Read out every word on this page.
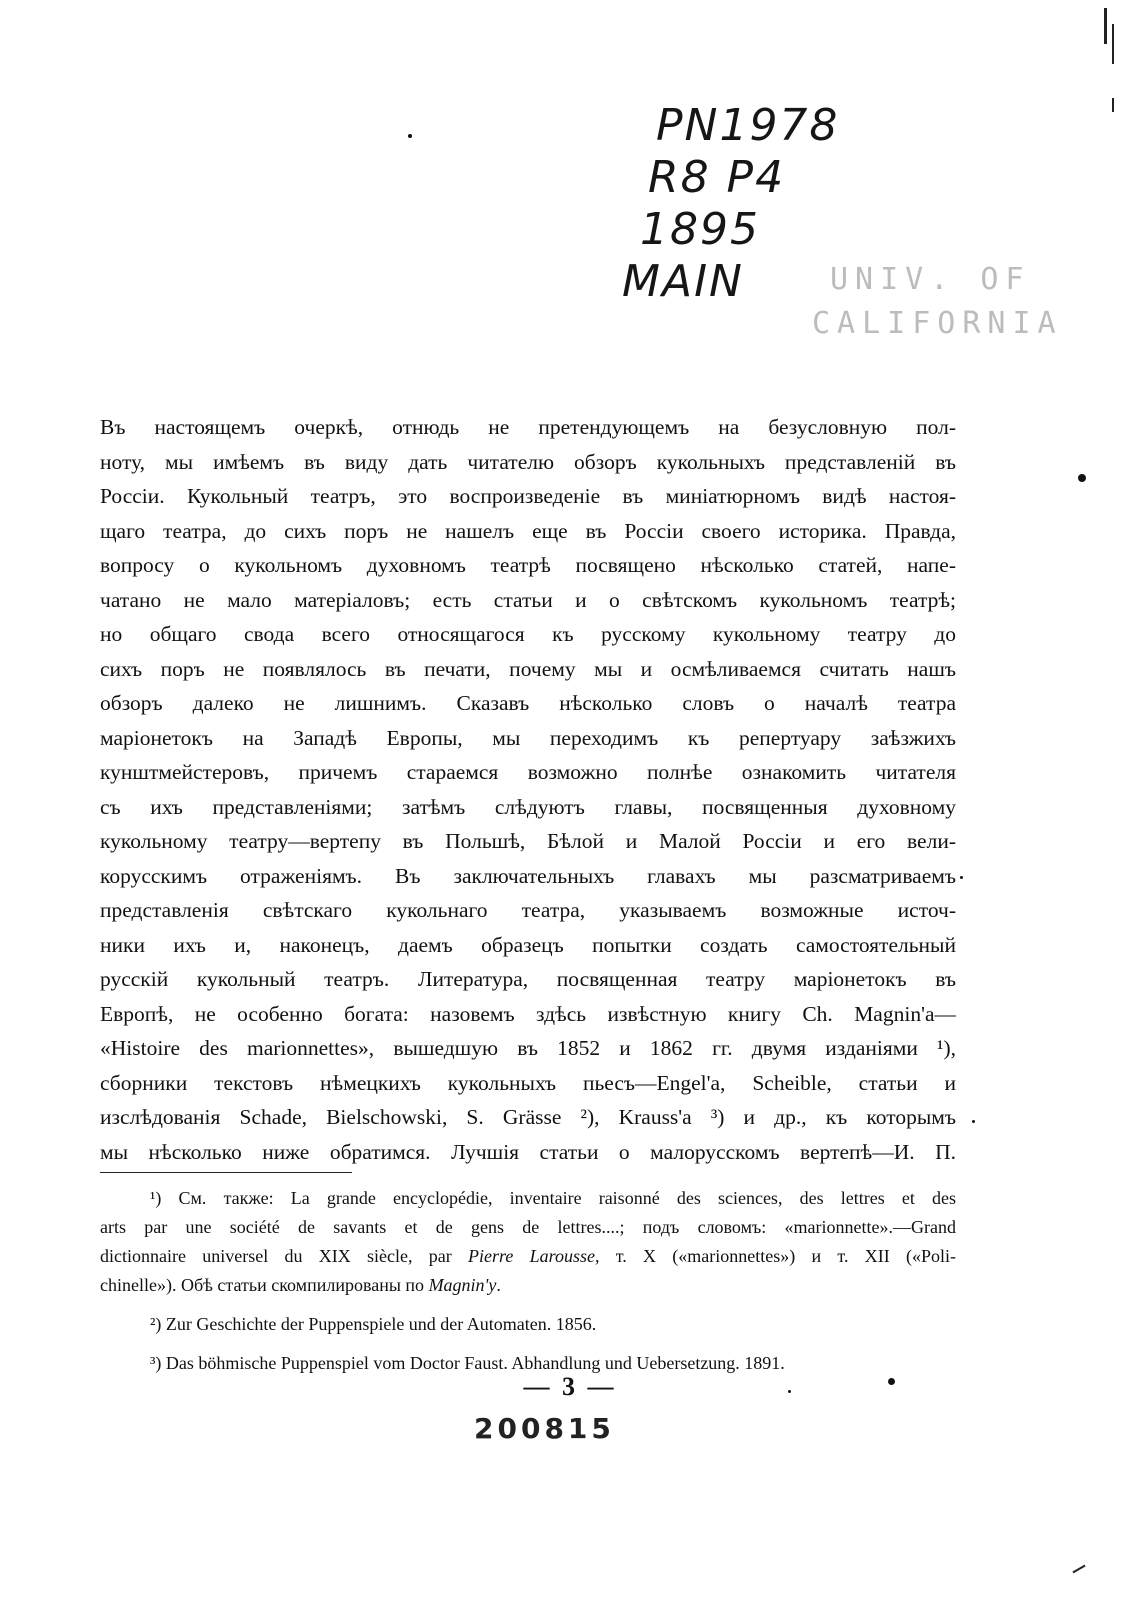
PN1978
R8 P4
1895
MAIN	UNIV. OF
CALIFORNIA
Въ настоящемъ очеркѣ, отнюдь не претендующемъ на безусловную пол-
ноту, мы имѣемъ въ виду дать читателю обзоръ кукольныхъ представленій въ
Россіи. Кукольный театръ, это воспроизведеніе въ миніатюрномъ видѣ настоя-
щаго театра, до сихъ поръ не нашелъ еще въ Россіи своего историка. Правда,
вопросу о кукольномъ духовномъ театрѣ посвящено нѣсколько статей, напе-
чатано не мало матеріаловъ; есть статьи и о свѣтскомъ кукольномъ театрѣ;
но общаго свода всего относящагося къ русскому кукольному театру до
сихъ поръ не появлялось въ печати, почему мы и осмѣливаемся считать нашъ
обзоръ далеко не лишнимъ. Сказавъ нѣсколько словъ о началѣ театра
маріонетокъ на Западѣ Европы, мы переходимъ къ репертуару заѣзжихъ
кунштмейстеровъ, причемъ стараемся возможно полнѣе ознакомить читателя
съ ихъ представленіями; затѣмъ слѣдуютъ главы, посвященныя духовному
кукольному театру—вертепу въ Польшѣ, Бѣлой и Малой Россіи и его вели-
корусскимъ отраженіямъ. Въ заключательныхъ главахъ мы разсматриваемъ
представленія свѣтскаго кукольнаго театра, указываемъ возможные источ-
ники ихъ и, наконецъ, даемъ образецъ попытки создать самостоятельный
русскій кукольный театръ. Литература, посвященная театру маріонетокъ въ
Европѣ, не особенно богата: назовемъ здѣсь извѣстную книгу Ch. Magnin'a—
«Histoire des marionnettes», вышедшую въ 1852 и 1862 гг. двумя изданіями ¹),
сборники текстовъ нѣмецкихъ кукольныхъ пьесъ—Engel'a, Scheible, статьи и
изслѣдованія Schade, Bielschowski, S. Grässe ²), Krauss'a ³) и др., къ которымъ
мы нѣсколько ниже обратимся. Лучшія статьи о малорусскомъ вертепѣ—И. П.
¹) См. также: La grande encyclopédie, inventaire raisonné des sciences, des lettres et des
arts par une société de savants et de gens de lettres....; подъ словомъ: «marionnette».—Grand
dictionnaire universel du XIX siècle, par Pierre Larousse, т. X («marionnettes») и т. XII («Poli-
chinelle»). Обѣ статьи скомпилированы по Magnin'y.
²) Zur Geschichte der Puppenspiele und der Automaten. 1856.
³) Das böhmische Puppenspiel vom Doctor Faust. Abhandlung und Uebersetzung. 1891.
— 3 —
200815
